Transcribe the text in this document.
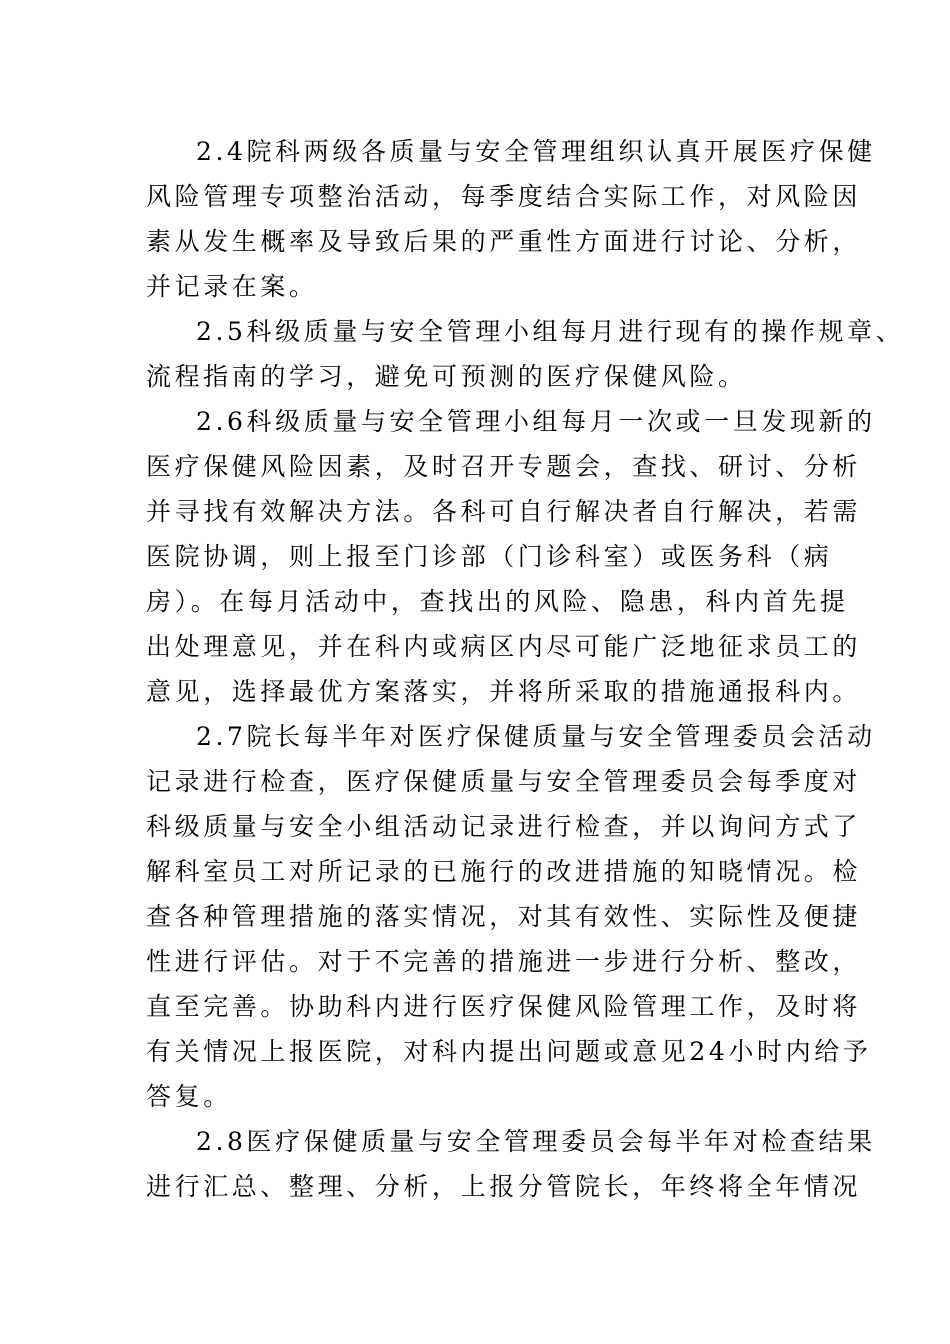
2.4院科两级各质量与安全管理组织认真开展医疗保健
风险管理专项整治活动，每季度结合实际工作，对风险因
素从发生概率及导致后果的严重性方面进行讨论、分析，
并记录在案。
2.5科级质量与安全管理小组每月进行现有的操作规章、
流程指南的学习，避免可预测的医疗保健风险。
2.6科级质量与安全管理小组每月一次或一旦发现新的
医疗保健风险因素，及时召开专题会，查找、研讨、分析
并寻找有效解决方法。各科可自行解决者自行解决，若需
医院协调，则上报至门诊部（门诊科室）或医务科（病
房）。在每月活动中，查找出的风险、隐患，科内首先提
出处理意见，并在科内或病区内尽可能广泛地征求员工的
意见，选择最优方案落实，并将所采取的措施通报科内。
2.7院长每半年对医疗保健质量与安全管理委员会活动
记录进行检查，医疗保健质量与安全管理委员会每季度对
科级质量与安全小组活动记录进行检查，并以询问方式了
解科室员工对所记录的已施行的改进措施的知晓情况。检
查各种管理措施的落实情况，对其有效性、实际性及便捷
性进行评估。对于不完善的措施进一步进行分析、整改，
直至完善。协助科内进行医疗保健风险管理工作，及时将
有关情况上报医院，对科内提出问题或意见24小时内给予
答复。
2.8医疗保健质量与安全管理委员会每半年对检查结果
进行汇总、整理、分析，上报分管院长，年终将全年情况
